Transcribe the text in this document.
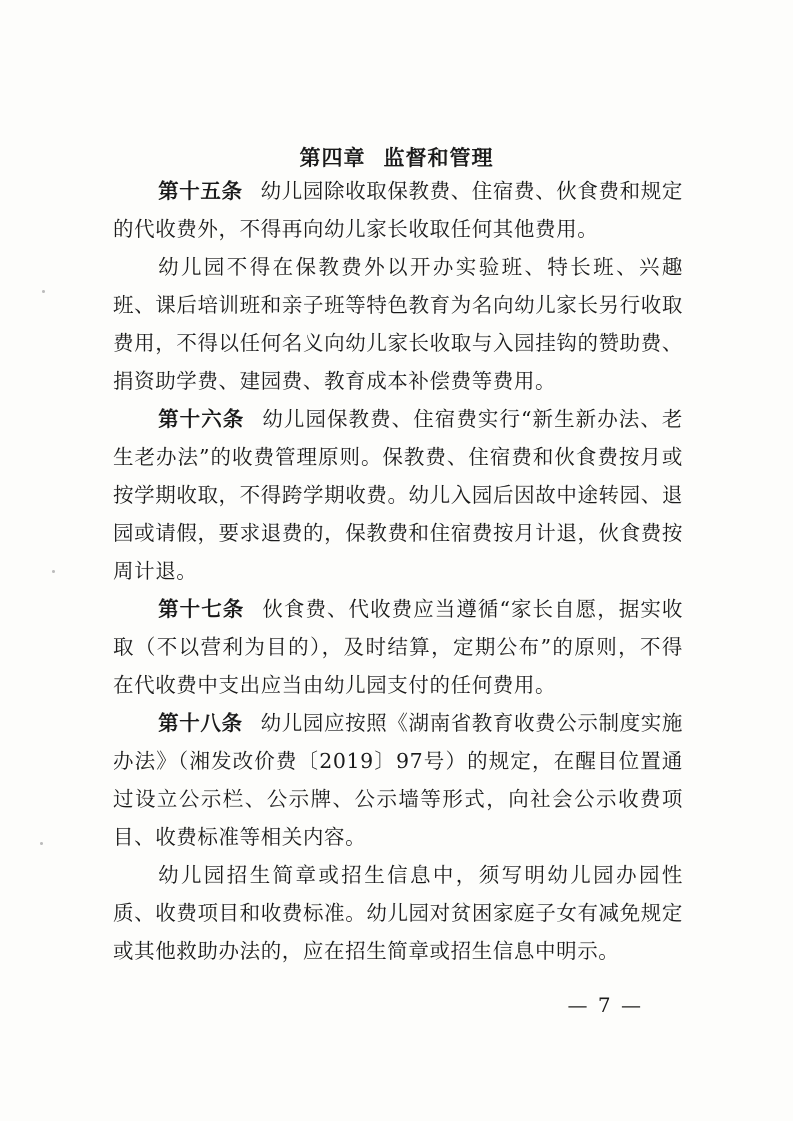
第四章 监督和管理

第十五条 幼儿园除收取保教费、住宿费、伙食费和规定的代收费外，不得再向幼儿家长收取任何其他费用。

幼儿园不得在保教费外以开办实验班、特长班、兴趣班、课后培训班和亲子班等特色教育为名向幼儿家长另行收取费用，不得以任何名义向幼儿家长收取与入园挂钩的赞助费、捐资助学费、建园费、教育成本补偿费等费用。

第十六条 幼儿园保教费、住宿费实行“新生新办法、老生老办法”的收费管理原则。保教费、住宿费和伙食费按月或按学期收取，不得跨学期收费。幼儿入园后因故中途转园、退园或请假，要求退费的，保教费和住宿费按月计退，伙食费按周计退。

第十七条 伙食费、代收费应当遵循“家长自愿，据实收取（不以营利为目的），及时结算，定期公布”的原则，不得在代收费中支出应当由幼儿园支付的任何费用。

第十八条 幼儿园应按照《湖南省教育收费公示制度实施办法》（湘发改价费〔2019〕97号）的规定，在醒目位置通过设立公示栏、公示牌、公示墙等形式，向社会公示收费项目、收费标准等相关内容。

幼儿园招生简章或招生信息中，须写明幼儿园办园性质、收费项目和收费标准。幼儿园对贫困家庭子女有减免规定或其他救助办法的，应在招生简章或招生信息中明示。

— 7 —
